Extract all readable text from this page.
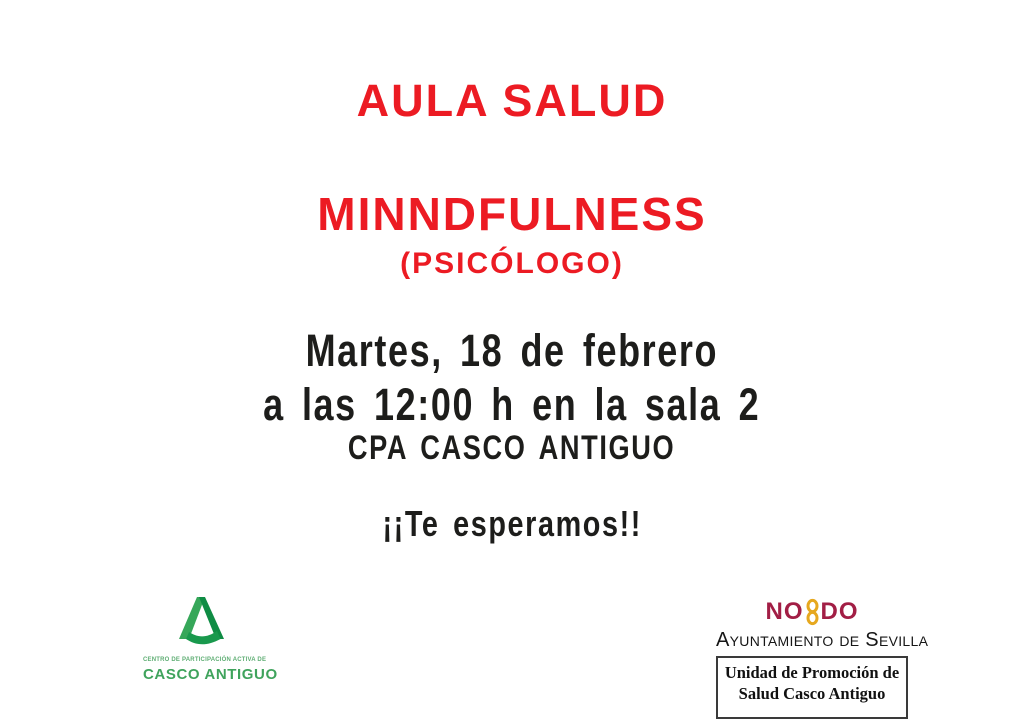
AULA SALUD
MINNDFULNESS
(PSICÓLOGO)
Martes, 18 de febrero
a las 12:00 h en la sala 2
CPA CASCO ANTIGUO
¡¡Te esperamos!!
CENTRO DE PARTICIPACIÓN ACTIVA DE
CASCO ANTIGUO
NO DO
Ayuntamiento de Sevilla
Unidad de Promoción de
Salud Casco Antiguo
